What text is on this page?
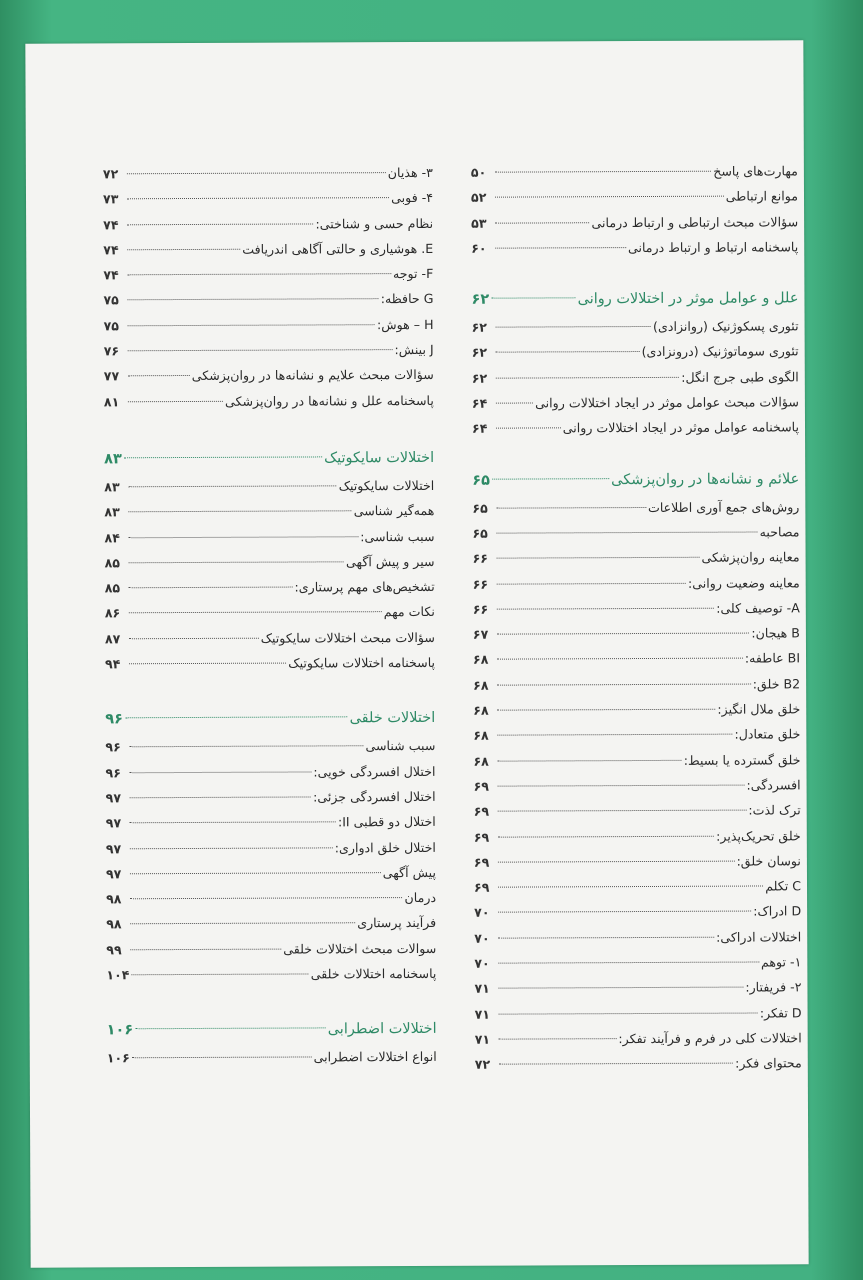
مهارت‌های پاسخ
۵۰
موانع ارتباطی
۵۲
سؤالات مبحث ارتباطی و ارتباط درمانی
۵۳
پاسخنامه ارتباط و ارتباط درمانی
۶۰
علل و عوامل موثر در اختلالات روانی
۶۲
تئوری پسکوژنیک (روانزادی)
۶۲
تئوری سوماتوژنیک (درونزادی)
۶۲
الگوی طبی جرج انگل:
۶۲
سؤالات مبحث عوامل موثر در ایجاد اختلالات روانی
۶۴
پاسخنامه عوامل موثر در ایجاد اختلالات روانی
۶۴
علائم و نشانه‌ها در روان‌پزشکی
۶۵
روش‌های جمع آوری اطلاعات
۶۵
مصاحبه
۶۵
معاینه روان‌پزشکی
۶۶
معاینه وضعیت روانی:
۶۶
A- توصیف کلی:
۶۶
B هیجان:
۶۷
BI عاطفه:
۶۸
B2 خلق:
۶۸
خلق ملال انگیز:
۶۸
خلق متعادل:
۶۸
خلق گسترده یا بسیط:
۶۸
افسردگی:
۶۹
ترک لذت:
۶۹
خلق تحریک‌پذیر:
۶۹
نوسان خلق:
۶۹
C تکلم
۶۹
D ادراک:
۷۰
اختلالات ادراکی:
۷۰
۱- توهم
۷۰
۲- فریفتار:
۷۱
D تفکر:
۷۱
اختلالات کلی در فرم و فرآیند تفکر:
۷۱
محتوای فکر:
۷۲
۳- هذیان
۷۲
۴- فوبی
۷۳
نظام حسی و شناختی:
۷۴
E. هوشیاری و حالتی آگاهی اندریافت
۷۴
F- توجه
۷۴
G حافظه:
۷۵
H – هوش:
۷۵
J بینش:
۷۶
سؤالات مبحث علایم و نشانه‌ها در روان‌پزشکی
۷۷
پاسخنامه علل و نشانه‌ها در روان‌پزشکی
۸۱
اختلالات سایکوتیک
۸۳
اختلالات سایکوتیک
۸۳
همه‌گیر شناسی
۸۳
سبب شناسی:
۸۴
سیر و پیش آگهی
۸۵
تشخیص‌های مهم پرستاری:
۸۵
نکات مهم
۸۶
سؤالات مبحث اختلالات سایکوتیک
۸۷
پاسخنامه اختلالات سایکوتیک
۹۴
اختلالات خلقی
۹۶
سبب شناسی
۹۶
اختلال افسردگی خویی:
۹۶
اختلال افسردگی جزئی:
۹۷
اختلال دو قطبی II:
۹۷
اختلال خلق ادواری:
۹۷
پیش آگهی
۹۷
درمان
۹۸
فرآیند پرستاری
۹۸
سوالات مبحث اختلالات خلقی
۹۹
پاسخنامه اختلالات خلقی
۱۰۴
اختلالات اضطرابی
۱۰۶
انواع اختلالات اضطرابی
۱۰۶
